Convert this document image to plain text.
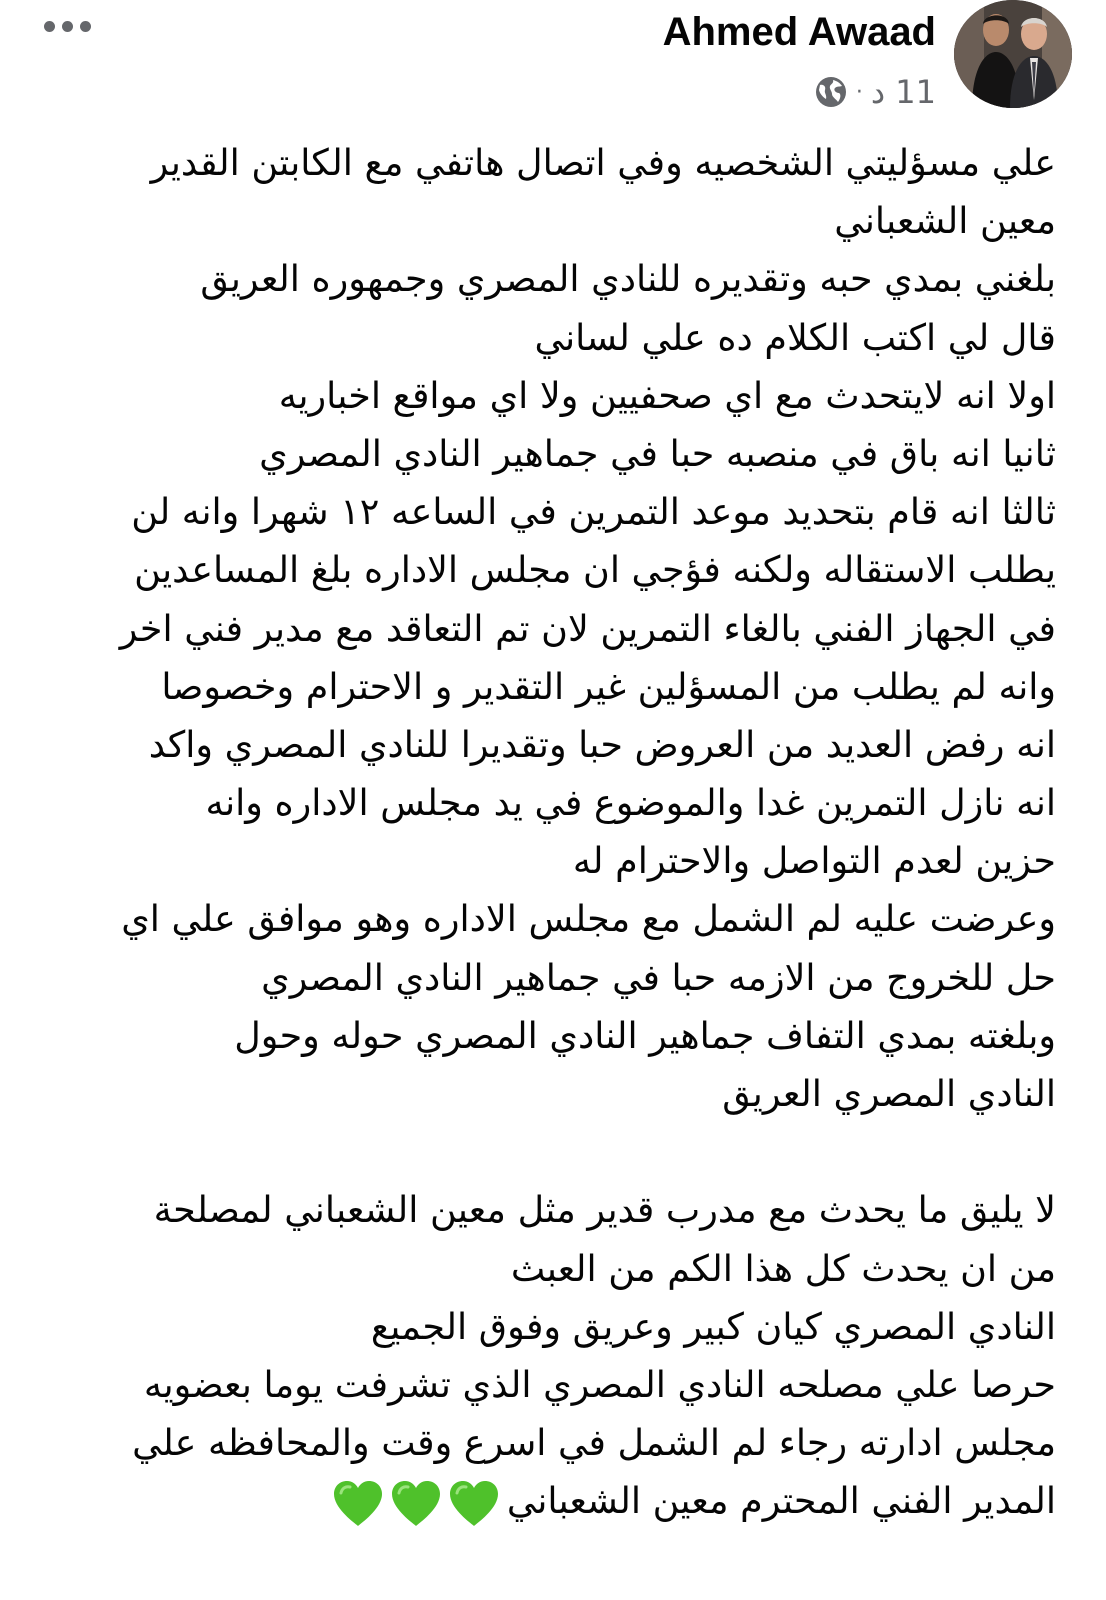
Ahmed Awaad
11 د
·
علي مسؤليتي الشخصيه وفي اتصال هاتفي مع الكابتن القدير
معين الشعباني
بلغني بمدي حبه وتقديره للنادي المصري وجمهوره العريق
قال لي اكتب الكلام ده علي لساني
اولا انه لايتحدث مع اي صحفيين ولا اي مواقع اخباريه
ثانيا انه باق في منصبه حبا في جماهير النادي المصري
ثالثا انه قام بتحديد موعد التمرين في الساعه ١٢ شهرا وانه لن
يطلب الاستقاله ولكنه فؤجي ان مجلس الاداره بلغ المساعدين
في الجهاز الفني بالغاء التمرين لان تم التعاقد مع مدير فني اخر
وانه لم يطلب من المسؤلين غير التقدير و الاحترام وخصوصا
انه رفض العديد من العروض حبا وتقديرا للنادي المصري واكد
انه نازل التمرين غدا والموضوع في يد مجلس الاداره وانه
حزين لعدم التواصل والاحترام له
وعرضت عليه لم الشمل مع مجلس الاداره وهو موافق علي اي
حل للخروج من الازمه حبا في جماهير النادي المصري
وبلغته بمدي التفاف جماهير النادي المصري حوله وحول
النادي المصري العريق
لا يليق ما يحدث مع مدرب قدير مثل معين الشعباني لمصلحة
من ان يحدث كل هذا الكم من العبث
النادي المصري كيان كبير وعريق وفوق الجميع
حرصا علي مصلحه النادي المصري الذي تشرفت يوما بعضويه
مجلس ادارته رجاء لم الشمل في اسرع وقت والمحافظه علي
المدير الفني المحترم معين الشعباني
